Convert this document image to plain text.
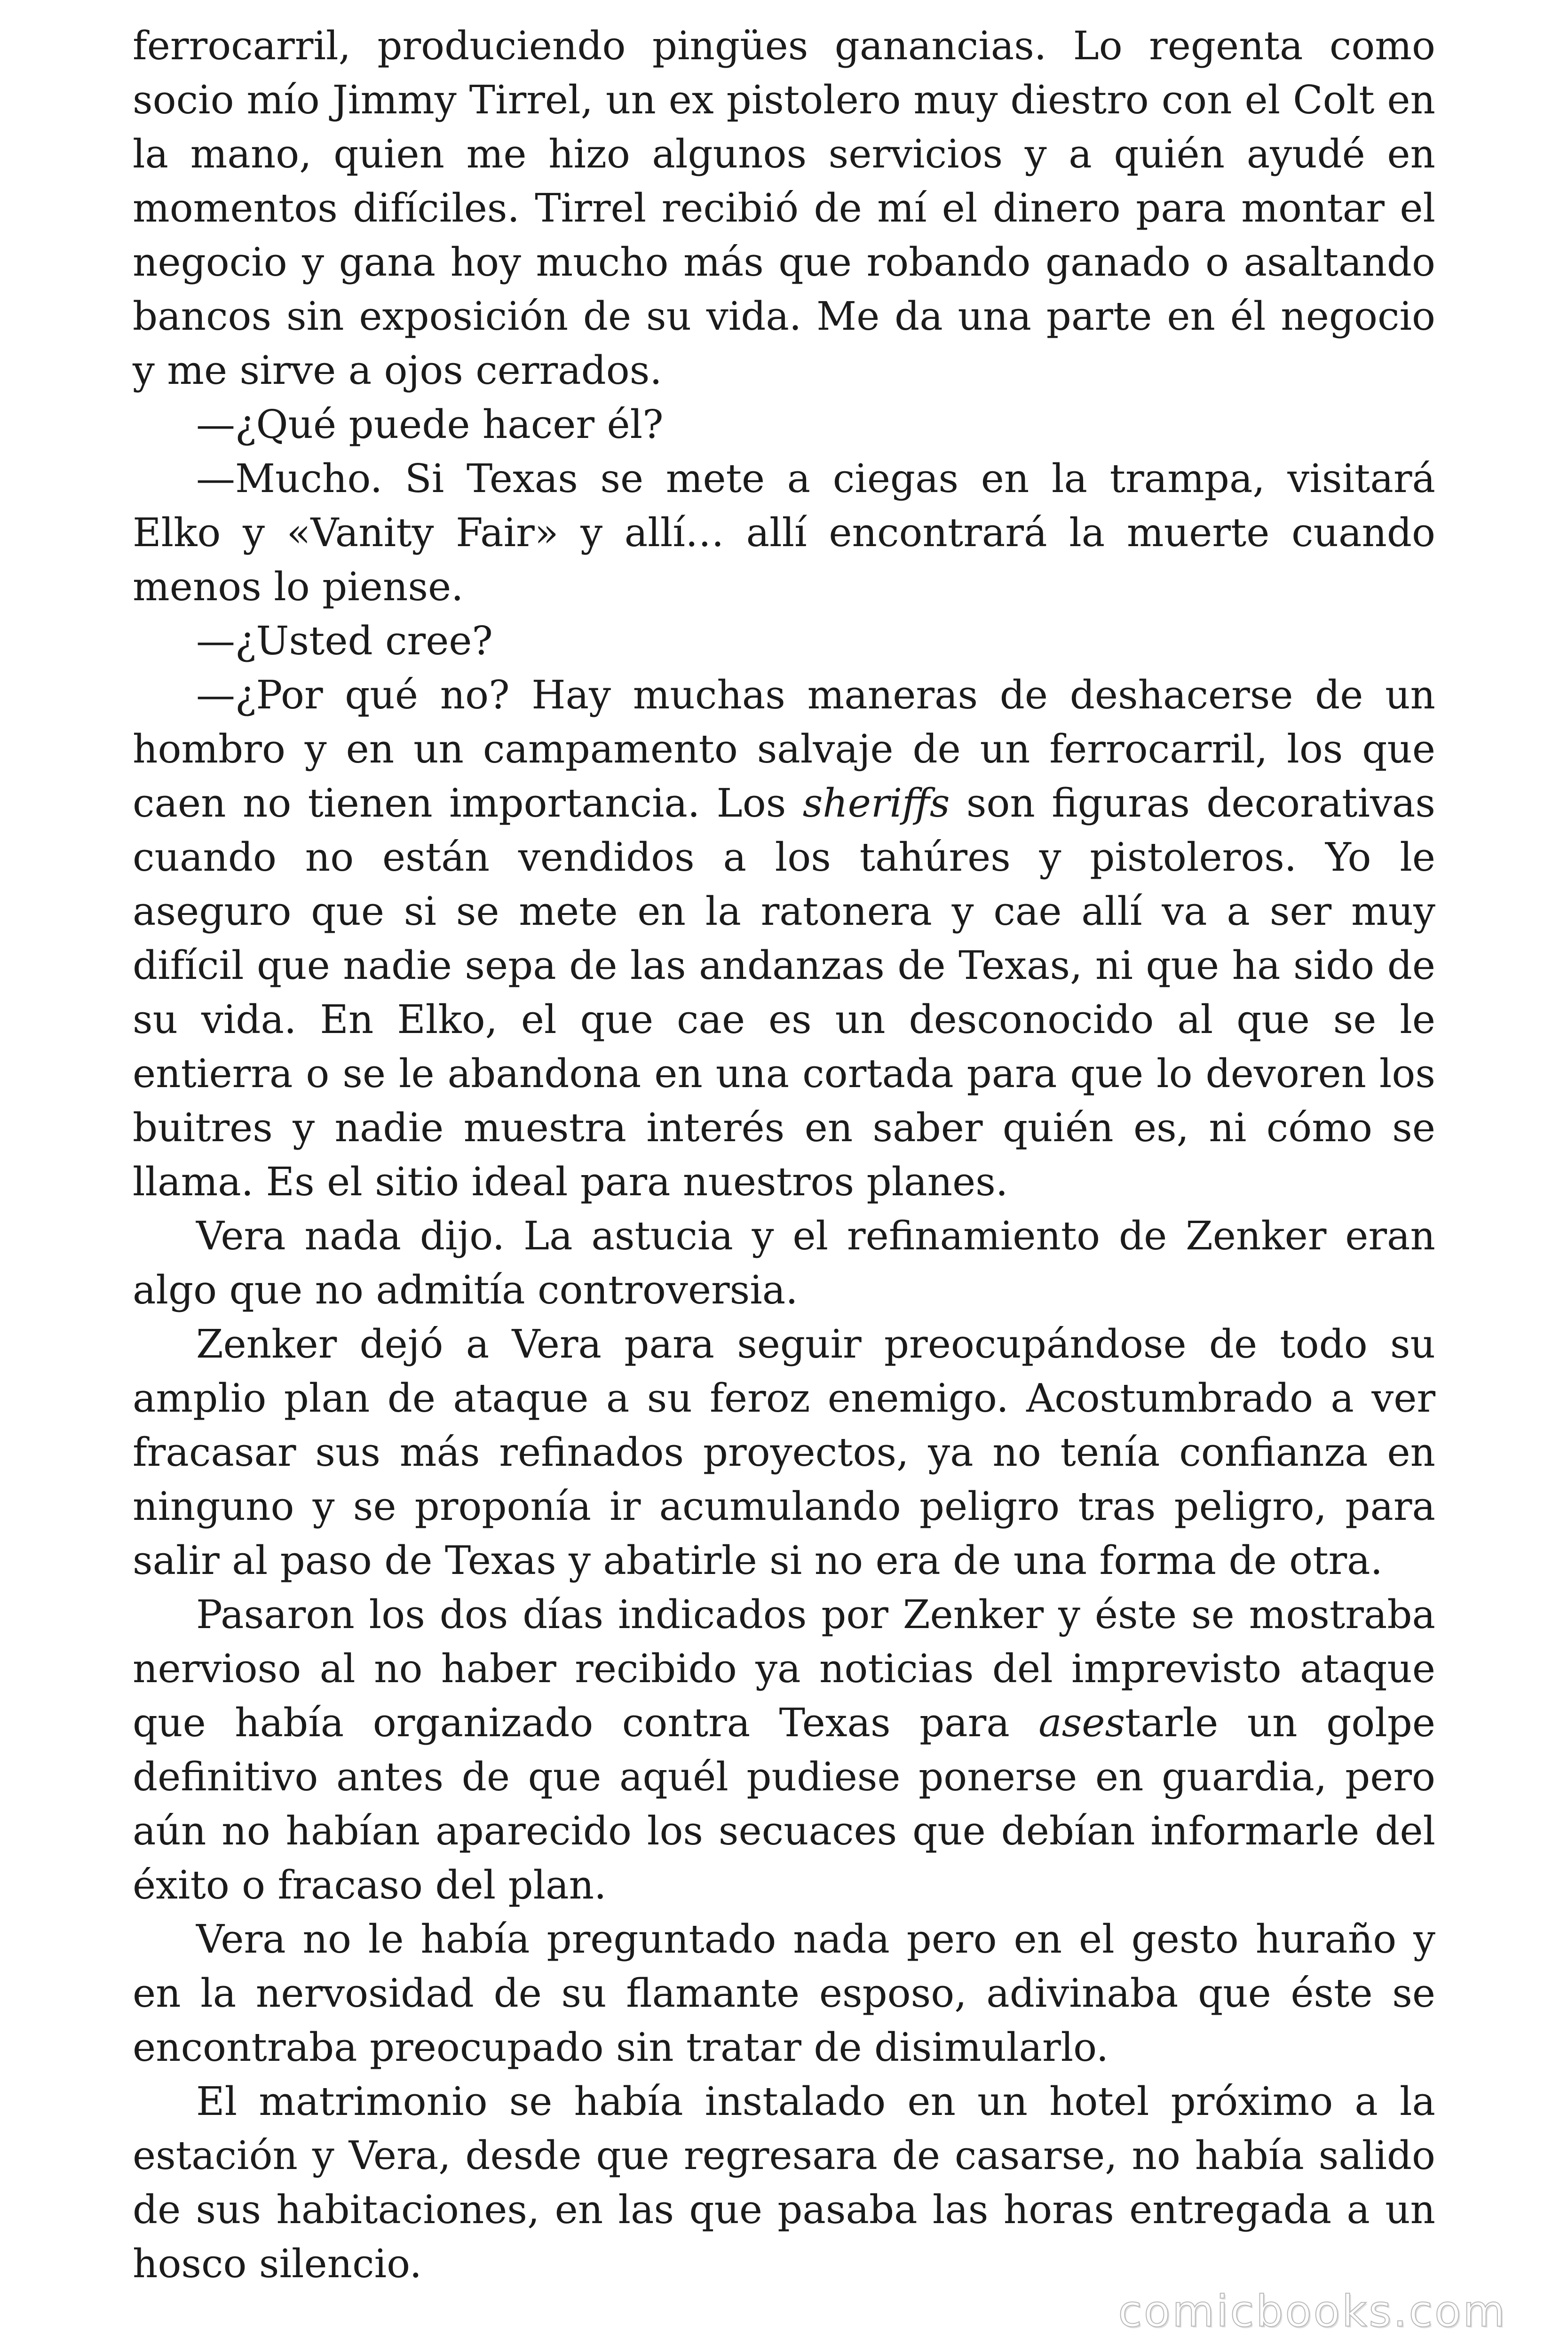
ferrocarril, produciendo pingües ganancias. Lo regenta como socio mío Jimmy Tirrel, un ex pistolero muy diestro con el Colt en la mano, quien me hizo algunos servicios y a quién ayudé en momentos difíciles. Tirrel recibió de mí el dinero para montar el negocio y gana hoy mucho más que robando ganado o asaltando bancos sin exposición de su vida. Me da una parte en él negocio y me sirve a ojos cerrados.

—¿Qué puede hacer él?

—Mucho. Si Texas se mete a ciegas en la trampa, visitará Elko y «Vanity Fair» y allí… allí encontrará la muerte cuando menos lo piense.

—¿Usted cree?

—¿Por qué no? Hay muchas maneras de deshacerse de un hombro y en un campamento salvaje de un ferrocarril, los que caen no tienen importancia. Los sheriffs son figuras decorativas cuando no están vendidos a los tahúres y pistoleros. Yo le aseguro que si se mete en la ratonera y cae allí va a ser muy difícil que nadie sepa de las andanzas de Texas, ni que ha sido de su vida. En Elko, el que cae es un desconocido al que se le entierra o se le abandona en una cortada para que lo devoren los buitres y nadie muestra interés en saber quién es, ni cómo se llama. Es el sitio ideal para nuestros planes.

Vera nada dijo. La astucia y el refinamiento de Zenker eran algo que no admitía controversia.

Zenker dejó a Vera para seguir preocupándose de todo su amplio plan de ataque a su feroz enemigo. Acostumbrado a ver fracasar sus más refinados proyectos, ya no tenía confianza en ninguno y se proponía ir acumulando peligro tras peligro, para salir al paso de Texas y abatirle si no era de una forma de otra.

Pasaron los dos días indicados por Zenker y éste se mostraba nervioso al no haber recibido ya noticias del imprevisto ataque que había organizado contra Texas para asestarle un golpe definitivo antes de que aquél pudiese ponerse en guardia, pero aún no habían aparecido los secuaces que debían informarle del éxito o fracaso del plan.

Vera no le había preguntado nada pero en el gesto huraño y en la nervosidad de su flamante esposo, adivinaba que éste se encontraba preocupado sin tratar de disimularlo.

El matrimonio se había instalado en un hotel próximo a la estación y Vera, desde que regresara de casarse, no había salido de sus habitaciones, en las que pasaba las horas entregada a un hosco silencio.

comicbooks.com
